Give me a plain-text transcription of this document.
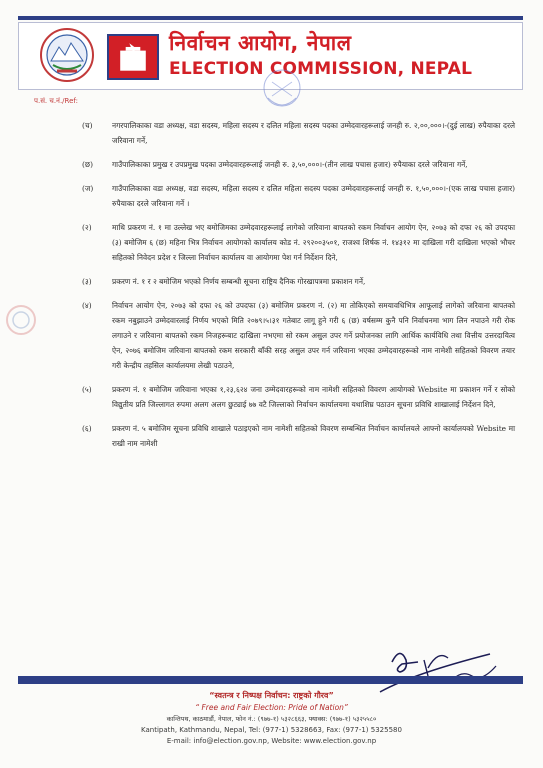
निर्वाचन आयोग, नेपाल
ELECTION COMMISSION, NEPAL
प.सं. च.नं./Ref:
(च)	नगरपालिकाका वडा अध्यक्ष, वडा सदस्य, महिला सदस्य र दलित महिला सदस्य पदका उम्मेदवारहरूलाई जनही रु. २,००,०००।-(दुई लाख) रुपैयाका दरले जरिवाना गर्ने,

(छ)	गाउँपालिकाका प्रमुख र उपप्रमुख पदका उम्मेदवारहरूलाई जनही रु. ३,५०,०००।-(तीन लाख पचास हजार) रुपैयाका दरले जरिवाना गर्ने,

(ज)	गाउँपालिकाका वडा अध्यक्ष, वडा सदस्य, महिला सदस्य र दलित महिला सदस्य पदका उम्मेदवारहरूलाई जनही रु. १,५०,०००।-(एक लाख पचास हजार) रुपैयाका दरले जरिवाना गर्ने ।

(२)	माथि प्रकरण नं. १ मा उल्लेख भए बमोजिमका उम्मेदवारहरूलाई लागेको जरिवाना बापतको रकम निर्वाचन आयोग ऐन, २०७३ को दफा २६ को उपदफा (३) बमोजिम ६ (छ) महिना भित्र निर्वाचन आयोगको कार्यालय कोड नं. २९२००३५०१, राजश्व शिर्षक नं. १४३१२ मा दाखिला गरी दाखिला भएको भौचर सहितको निवेदन प्रदेश र जिल्ला निर्वाचन कार्यालय वा आयोगमा पेश गर्न निर्देशन दिने,

(३)	प्रकरण नं. १ र २ बमोजिम भएको निर्णय सम्बन्धी सूचना राष्ट्रिय दैनिक गोरखापत्रमा प्रकाशन गर्ने,

(४)	निर्वाचन आयोग ऐन, २०७३ को दफा २६ को उपदफा (३) बमोजिम प्रकरण नं. (२) मा तोकिएको समयावधिभित्र आफूलाई लागेको जरिवाना बापतको रकम नबुझाउने उम्मेदवारलाई निर्णय भएको मिति २०७९।५।३१ गतेबाट लागू हुने गरी ६ (छ) वर्षसम्म कुनै पनि निर्वाचनमा भाग लिन नपाउने गरी रोक लगाउने र जरिवाना बापतको रकम निजहरूबाट दाखिला नभएमा सो रकम असुल उपर गर्ने प्रयोजनका लागि आर्थिक कार्यविधि तथा वित्तीय उत्तरदायित्व ऐन, २०७६ बमोजिम जरिवाना बापतको रकम सरकारी बाँकी सरह असुल उपर गर्न जरिवाना भएका उम्मेदवारहरूको नाम नामेशी सहितको विवरण तयार गरी केन्द्रीय तहसिल कार्यालयमा लेखी पठाउने,

(५)	प्रकरण नं. १ बमोजिम जरिवाना भएका १,२३,६२४ जना उम्मेदवारहरूको नाम नामेशी सहितको विवरण आयोगको Website मा प्रकाशन गर्ने र सोको विद्युतीय प्रति जिल्लागत रुपमा अलग अलग छुट्याई ७७ वटै जिल्लाको निर्वाचन कार्यालयमा यथाशिघ्र पठाउन सूचना प्रविधि शाखालाई निर्देशन दिने,

(६)	प्रकरण नं. ५ बमोजिम सूचना प्रविधि शाखाले पठाइएको नाम नामेशी सहितको विवरण सम्बन्धित निर्वाचन कार्यालयले आफ्नो कार्यालयको Website मा राखी नाम नामेशी

“स्वतन्त्र र निष्पक्ष निर्वाचन: राष्ट्रको गौरव”
“ Free and Fair Election: Pride of Nation”
कान्तिपथ, काठमाडौं, नेपाल, फोन नं.: (९७७-१) ५३२८६६३, फ्याक्स: (९७७-१) ५३२५५८०
Kantipath, Kathmandu, Nepal, Tel: (977-1) 5328663, Fax: (977-1) 5325580
E-mail: info@election.gov.np, Website: www.election.gov.np
